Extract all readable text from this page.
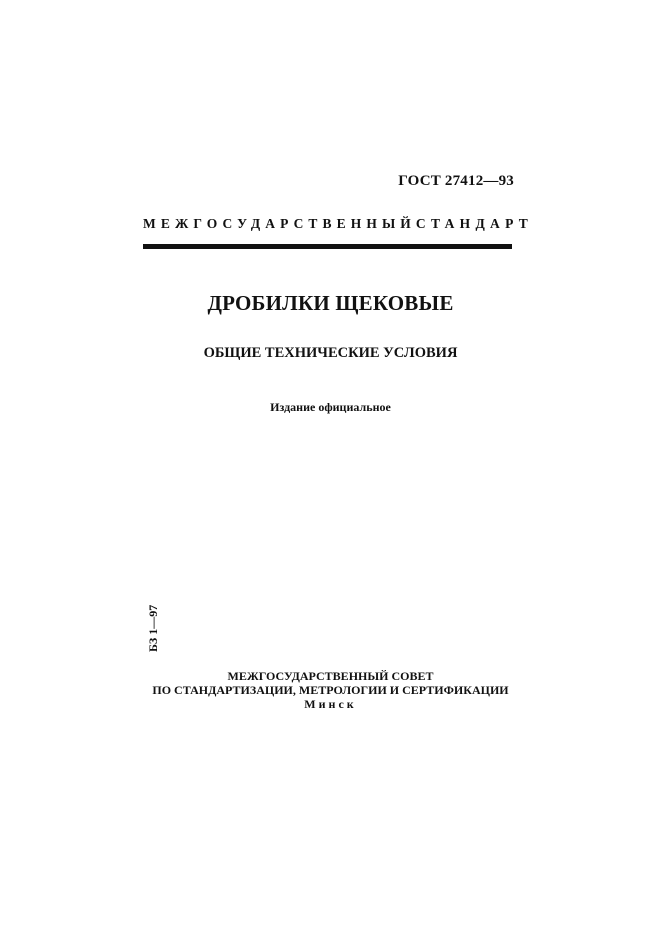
ГОСТ 27412—93
МЕЖГОСУДАРСТВЕННЫЙ СТАНДАРТ
ДРОБИЛКИ ЩЕКОВЫЕ
ОБЩИЕ ТЕХНИЧЕСКИЕ УСЛОВИЯ
Издание официальное
БЗ 1—97
МЕЖГОСУДАРСТВЕННЫЙ СОВЕТ
ПО СТАНДАРТИЗАЦИИ, МЕТРОЛОГИИ И СЕРТИФИКАЦИИ
Минск
